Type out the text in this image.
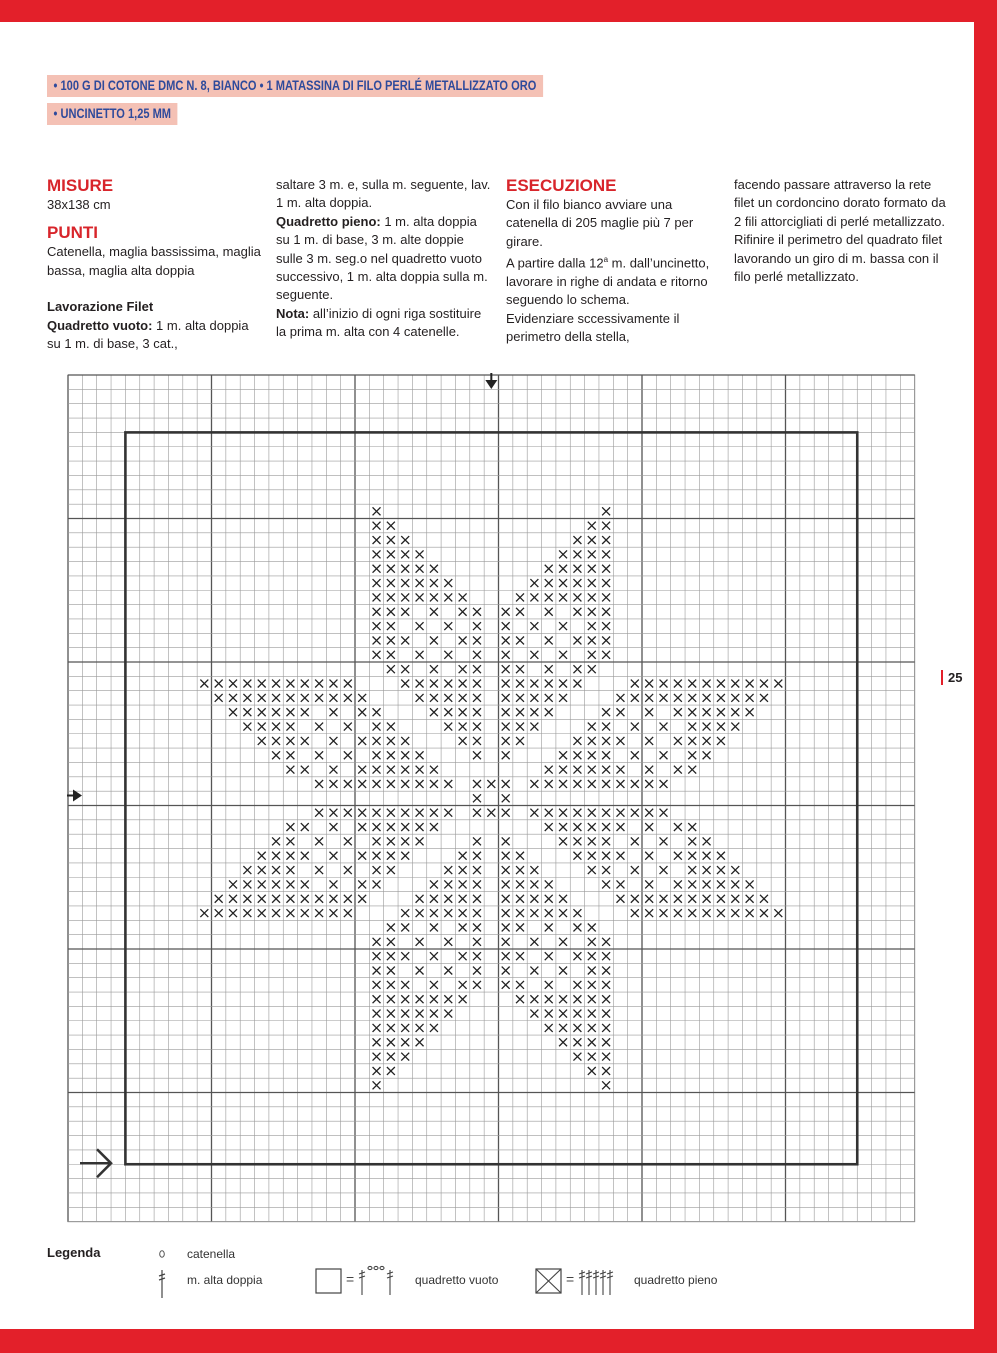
• 100 G DI COTONE DMC N. 8, BIANCO • 1 MATASSINA DI FILO PERLÉ METALLIZZATO ORO
• UNCINETTO 1,25 MM

MISURE

38x138 cm

PUNTI

Catenella, maglia bassissima, maglia bassa, maglia alta doppia

Lavorazione Filet

Quadretto vuoto: 1 m. alta doppia su 1 m. di base, 3 cat.,

saltare 3 m. e, sulla m. seguente, lav. 1 m. alta doppia.

Quadretto pieno: 1 m. alta doppia su 1 m. di base, 3 m. alte doppie sulle 3 m. seg.o nel quadretto vuoto successivo, 1 m. alta doppia sulla m. seguente.

Nota: all’inizio di ogni riga sostituire la prima m. alta con 4 catenelle.

ESECUZIONE

Con il filo bianco avviare una catenella di 205 maglie più 7 per girare.

A partire dalla 12$^a$ m. dall’uncinetto, lavorare in righe di andata e ritorno seguendo lo schema.

Evidenziare sccessivamente il perimetro della stella,

facendo passare attraverso la rete filet un cordoncino dorato formato da 2 fili attorcigliati di perlé metallizzato.

Rifinire il perimetro del quadrato filet lavorando un giro di m. bassa con il filo perlé metallizzato.

25
Legenda
=	=
catenella
m. alta doppia	quadretto vuoto	quadretto pieno
